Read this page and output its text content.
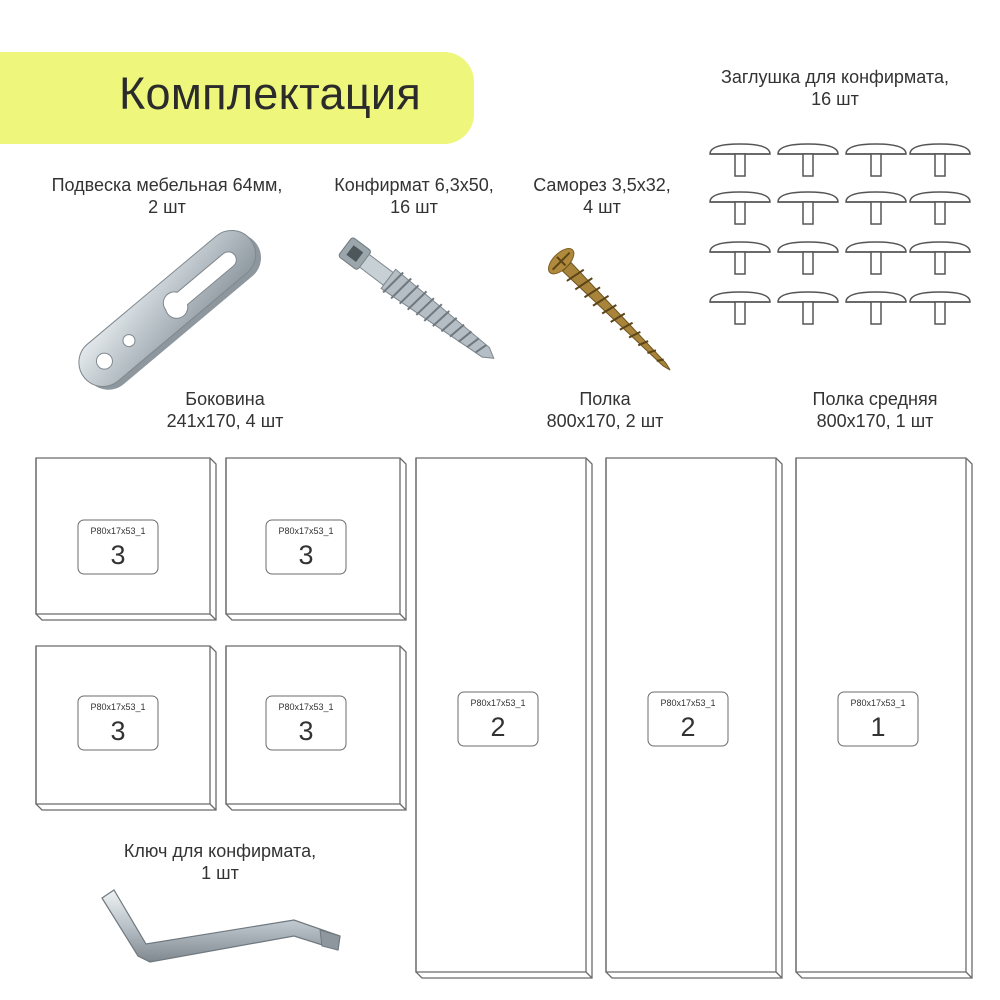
Комплектация
Подвеска мебельная 64мм,
2 шт
Конфирмат 6,3x50,
16 шт
Саморез 3,5x32,
4 шт
Заглушка для конфирмата,
16 шт
Боковина
241x170, 4 шт
Полка
800x170, 2 шт
Полка средняя
800x170, 1 шт
Ключ для конфирмата,
1 шт
P80x17x53_1
3
P80x17x53_1
3
P80x17x53_1
3
P80x17x53_1
3
P80x17x53_1
2
P80x17x53_1
2
P80x17x53_1
1
